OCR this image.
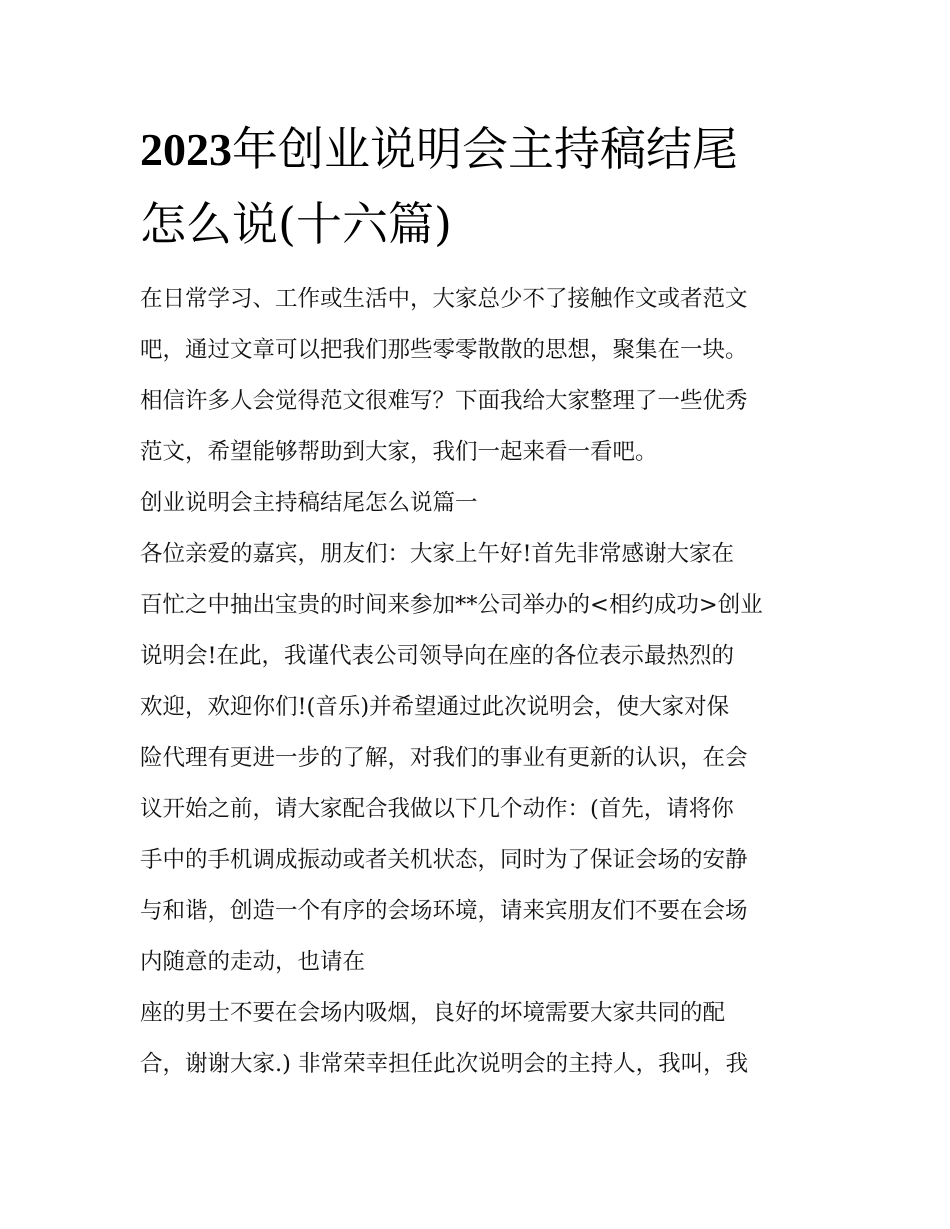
2023年创业说明会主持稿结尾
怎么说(十六篇)
在日常学习、工作或生活中，大家总少不了接触作文或者范文
吧，通过文章可以把我们那些零零散散的思想，聚集在一块。
相信许多人会觉得范文很难写？下面我给大家整理了一些优秀
范文，希望能够帮助到大家，我们一起来看一看吧。
创业说明会主持稿结尾怎么说篇一
各位亲爱的嘉宾，朋友们：大家上午好!首先非常感谢大家在
百忙之中抽出宝贵的时间来参加**公司举办的<相约成功>创业
说明会!在此，我谨代表公司领导向在座的各位表示最热烈的
欢迎，欢迎你们!(音乐)并希望通过此次说明会，使大家对保
险代理有更进一步的了解，对我们的事业有更新的认识，在会
议开始之前，请大家配合我做以下几个动作：(首先，请将你
手中的手机调成振动或者关机状态，同时为了保证会场的安静
与和谐，创造一个有序的会场环境，请来宾朋友们不要在会场
内随意的走动，也请在
座的男士不要在会场内吸烟，良好的坏境需要大家共同的配
合，谢谢大家.) 非常荣幸担任此次说明会的主持人，我叫，我
